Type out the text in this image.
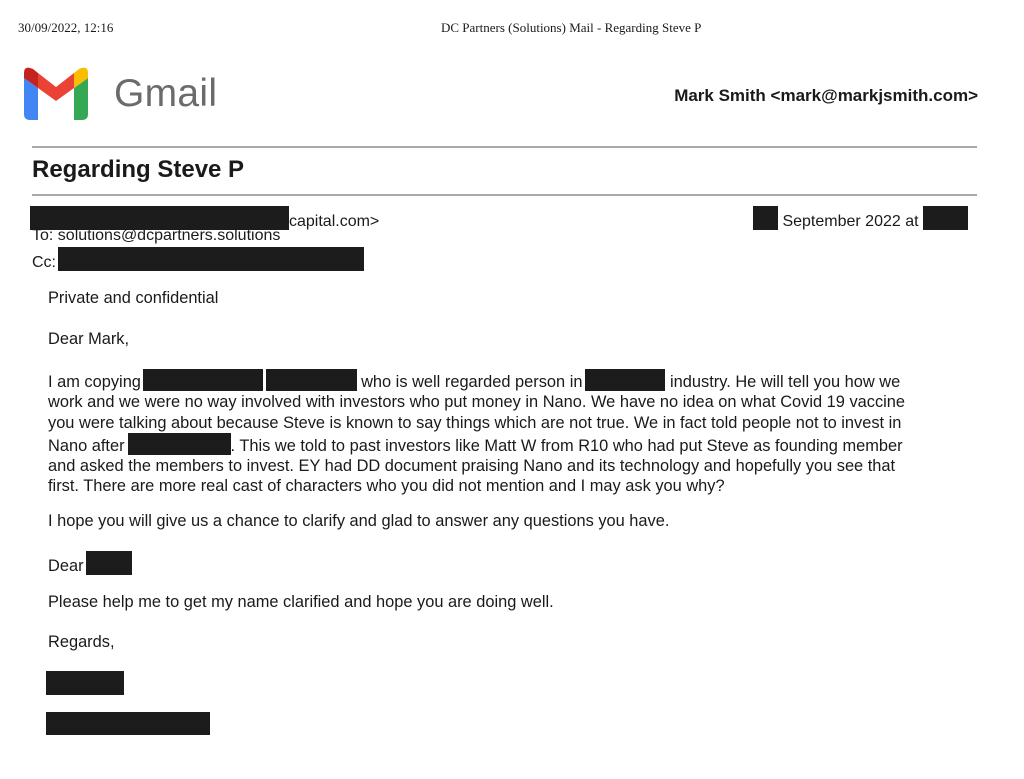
30/09/2022, 12:16	DC Partners (Solutions) Mail - Regarding Steve P
Gmail	Mark Smith <mark@markjsmith.com>
Regarding Steve P
capital.com>	September 2022 at
To: solutions@dcpartners.solutions
Cc:
Private and confidential
Dear Mark,
I am copying	who is well regarded person in	industry. He will tell you how we
work and we were no way involved with investors who put money in Nano. We have no idea on what Covid 19 vaccine
you were talking about because Steve is known to say things which are not true. We in fact told people not to invest in
Nano after	. This we told to past investors like Matt W from R10 who had put Steve as founding member
and asked the members to invest. EY had DD document praising Nano and its technology and hopefully you see that
first. There are more real cast of characters who you did not mention and I may ask you why?
I hope you will give us a chance to clarify and glad to answer any questions you have.
Dear
Please help me to get my name clarified and hope you are doing well.
Regards,
